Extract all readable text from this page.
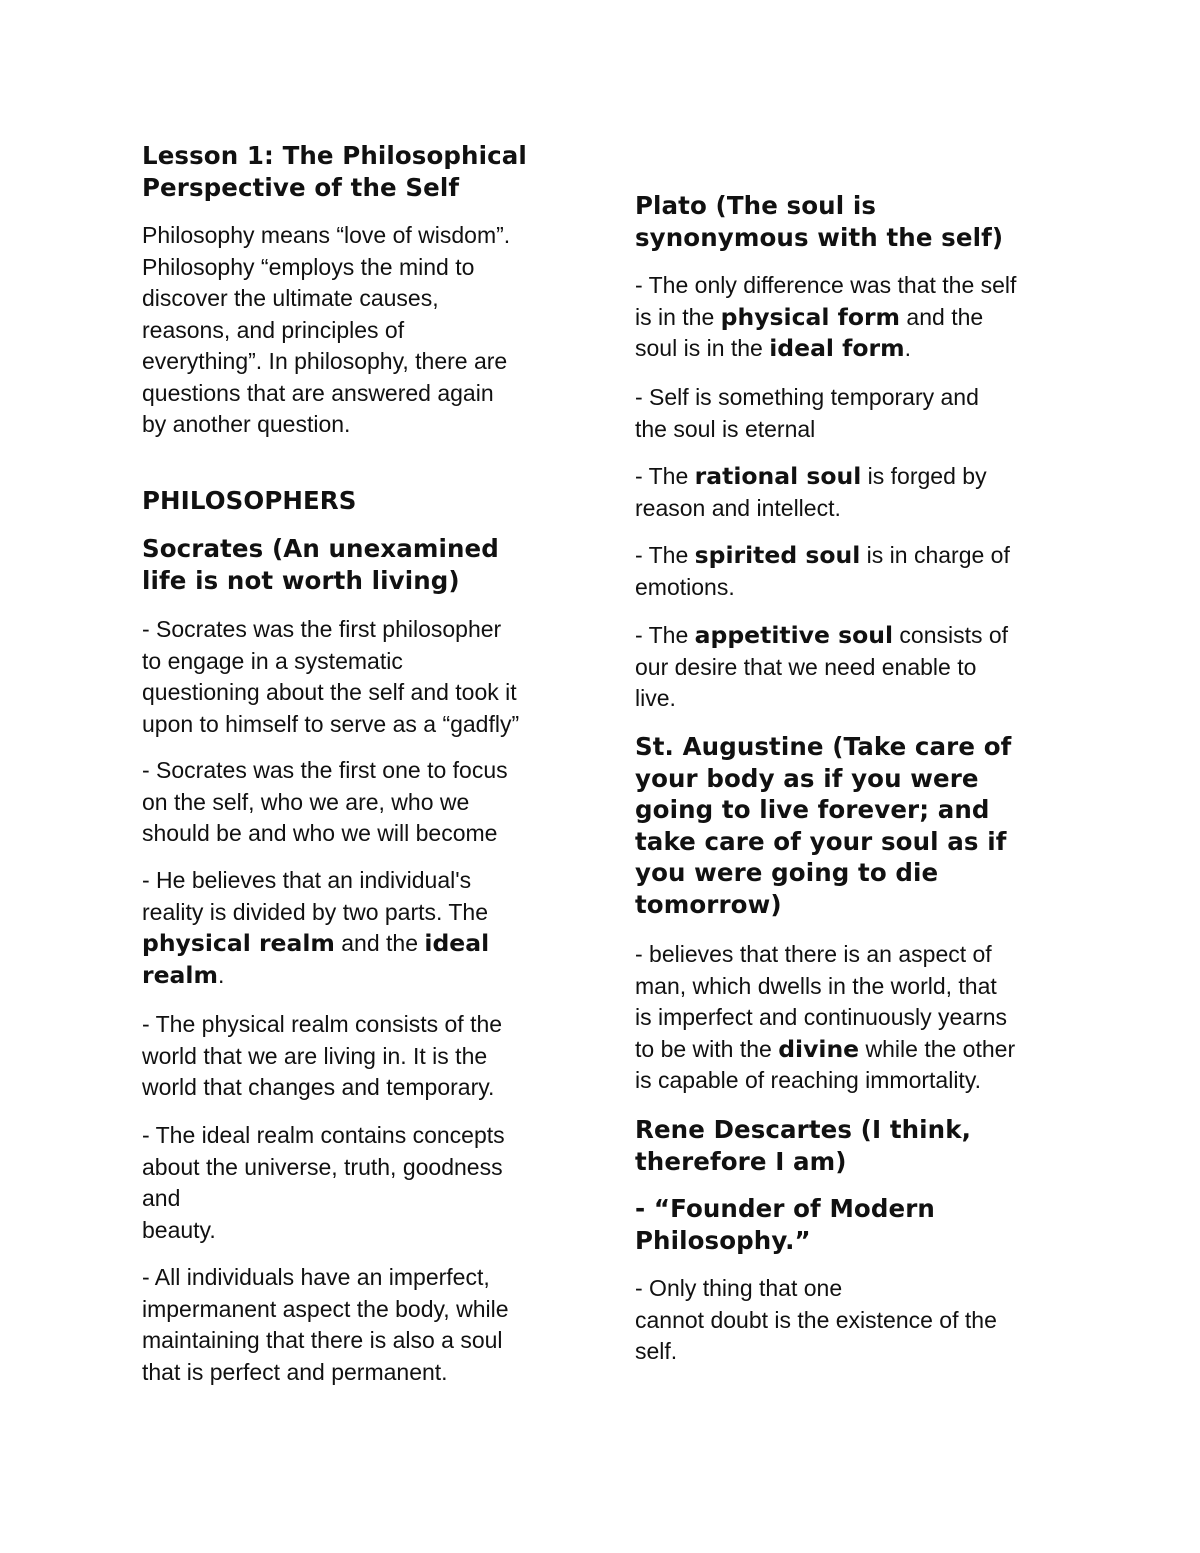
Lesson 1: The Philosophical
Perspective of the Self
Philosophy means “love of wisdom”.
Philosophy “employs the mind to
discover the ultimate causes,
reasons, and principles of
everything”. In philosophy, there are
questions that are answered again
by another question.
PHILOSOPHERS
Socrates (An unexamined
life is not worth living)
- Socrates was the first philosopher
to engage in a systematic
questioning about the self and took it
upon to himself to serve as a “gadfly”
- Socrates was the first one to focus
on the self, who we are, who we
should be and who we will become
- He believes that an individual's
reality is divided by two parts. The
physical realm and the ideal
realm.
- The physical realm consists of the
world that we are living in. It is the
world that changes and temporary.
- The ideal realm contains concepts
about the universe, truth, goodness
and
beauty.
- All individuals have an imperfect,
impermanent aspect the body, while
maintaining that there is also a soul
that is perfect and permanent.
Plato (The soul is
synonymous with the self)
- The only difference was that the self
is in the physical form and the
soul is in the ideal form.
- Self is something temporary and
the soul is eternal
- The rational soul is forged by
reason and intellect.
- The spirited soul is in charge of
emotions.
- The appetitive soul consists of
our desire that we need enable to
live.
St. Augustine (Take care of
your body as if you were
going to live forever; and
take care of your soul as if
you were going to die
tomorrow)
- believes that there is an aspect of
man, which dwells in the world, that
is imperfect and continuously yearns
to be with the divine while the other
is capable of reaching immortality.
Rene Descartes (I think,
therefore I am)
- “Founder of Modern
Philosophy.”
- Only thing that one
cannot doubt is the existence of the
self.
